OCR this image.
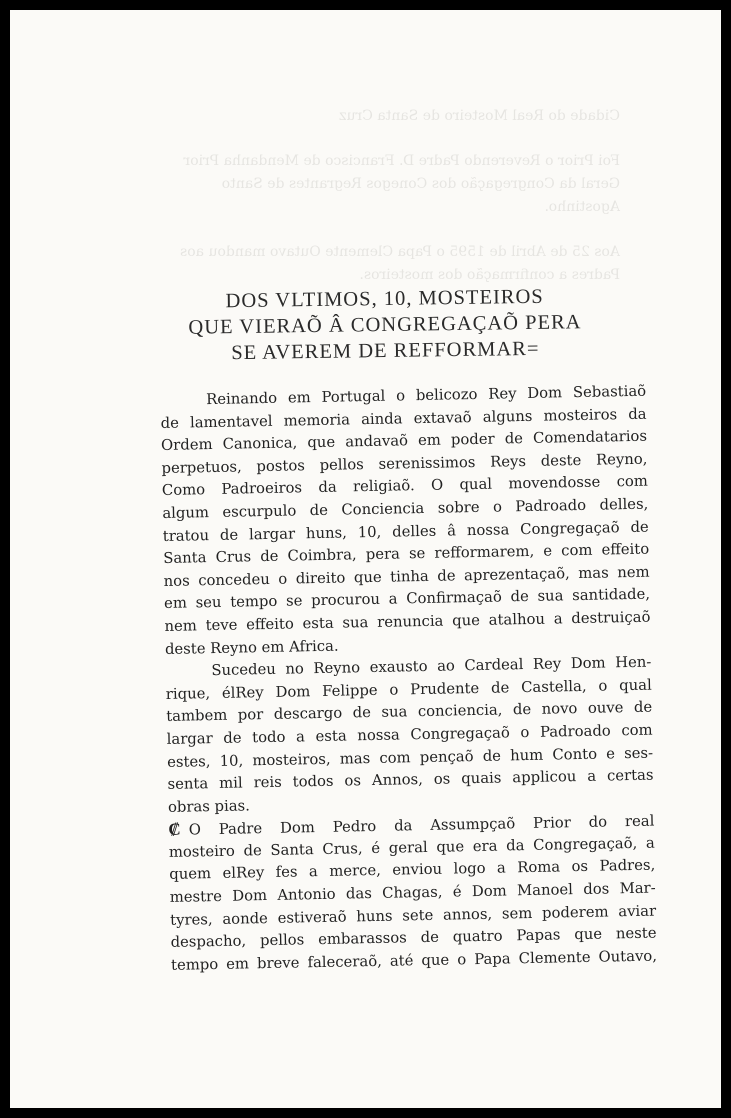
Cidade do Real Mosteiro de Santa Cruz

Foi Prior o Reverendo Padre D. Francisco de Mendanha Prior Geral da Congregação dos Conegos Regrantes de Santo Agostinho.

Aos 25 de Abril de 1595 o Papa Clemente Outavo mandou aos Padres a confirmação dos mosteiros.

DOS VLTIMOS, 10, MOSTEIROS
QUE VIERAÕ Â CONGREGAÇAÕ PERA
SE AVEREM DE REFFORMAR=
Reinando em Portugal o belicozo Rey Dom Sebastiaõ
de lamentavel memoria ainda extavaõ alguns mosteiros da
Ordem Canonica, que andavaõ em poder de Comendatarios
perpetuos, postos pellos serenissimos Reys deste Reyno,
Como Padroeiros da religiaõ. O qual movendosse com
algum escurpulo de Conciencia sobre o Padroado delles,
tratou de largar huns, 10, delles â nossa Congregaçaõ de
Santa Crus de Coimbra, pera se refformarem, e com effeito
nos concedeu o direito que tinha de aprezentaçaõ, mas nem
em seu tempo se procurou a Confirmaçaõ de sua santidade,
nem teve effeito esta sua renuncia que atalhou a destruiçaõ
deste Reyno em Africa.
Sucedeu no Reyno exausto ao Cardeal Rey Dom Hen-
rique, élRey Dom Felippe o Prudente de Castella, o qual
tambem por descargo de sua conciencia, de novo ouve de
largar de todo a esta nossa Congregaçaõ o Padroado com
estes, 10, mosteiros, mas com pençaõ de hum Conto e ses-
senta mil reis todos os Annos, os quais applicou a certas
obras pias.
₡ O Padre Dom Pedro da Assumpçaõ Prior do real
mosteiro de Santa Crus, é geral que era da Congregaçaõ, a
quem elRey fes a merce, enviou logo a Roma os Padres,
mestre Dom Antonio das Chagas, é Dom Manoel dos Mar-
tyres, aonde estiveraõ huns sete annos, sem poderem aviar
despacho, pellos embarassos de quatro Papas que neste
tempo em breve faleceraõ, até que o Papa Clemente Outavo,
